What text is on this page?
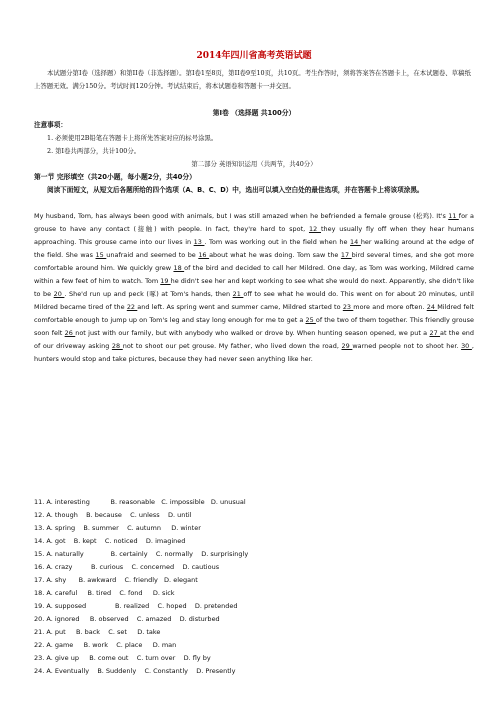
2014年四川省高考英语试题
本试题分第I卷（选择题）和第II卷（非选择题）。第I卷1至8页，第II卷9至10页，共10页。考生作答时，须将答案答在答题卡上，在本试题卷、草稿纸上答题无效。满分150分。考试时间120分钟。考试结束后，将本试题卷和答题卡一并交回。
第I卷 （选择题 共100分）
注意事项：
1. 必须使用2B铅笔在答题卡上将所先答案对应的标号涂黑。
2. 第I卷共两部分，共计100分。
第二部分 英语知识运用（共两节，共40分）
第一节 完形填空（共20小题，每小题2分，共40分）
阅读下面短文，从短文后各题所给的四个选项（A、B、C、D）中，选出可以填入空白处的最佳选项，并在答题卡上将该项涂黑。
My husband, Tom, has always been good with animals, but I was still amazed when he befriended a female grouse (松鸡). It's 11 for a grouse to have any contact (接触) with people. In fact, they're hard to spot, 12 they usually fly off when they hear humans approaching. This grouse came into our lives in 13 . Tom was working out in the field when he 14 her walking around at the edge of the field. She was 15 unafraid and seemed to be 16 about what he was doing. Tom saw the 17 bird several times, and she got more comfortable around him. We quickly grew 18 of the bird and decided to call her Mildred. One day, as Tom was working, Mildred came within a few feet of him to watch. Tom 19 he didn't see her and kept working to see what she would do next. Apparently, she didn't like to be 20 . She'd run up and peck (啄) at Tom's hands, then 21 off to see what he would do. This went on for about 20 minutes, until Mildred became tired of the 22 and left. As spring went and summer came, Mildred started to 23 more and more often. 24 Mildred felt comfortable enough to jump up on Tom's leg and stay long enough for me to get a 25 of the two of them together. This friendly grouse soon felt 26 not just with our family, but with anybody who walked or drove by. When hunting season opened, we put a 27 at the end of our driveway asking 28 not to shoot our pet grouse. My father, who lived down the road, 29 warned people not to shoot her. 30 , hunters would stop and take pictures, because they had never seen anything like her.
11. A. interesting          B. reasonable   C. impossible   D. unusual
12. A. though    B. because    C. unless    D. until
13. A. spring    B. summer    C. autumn     D. winter
14. A. got    B. kept    C. noticed    D. imagined
15. A. naturally             B. certainly    C. normally    D. surprisingly
16. A. crazy         B. curious    C. concerned    D. cautious
17. A. shy      B. awkward    C. friendly   D. elegant
18. A. careful     B. tired    C. fond     D. sick
19. A. supposed              B. realized    C. hoped    D. pretended
20. A. ignored     B. observed    C. amazed    D. disturbed
21. A. put     B. back    C. set     D. take
22. A. game     B. work    C. place     D. man
23. A. give up     B. come out    C. turn over    D. fly by
24. A. Eventually    B. Suddenly    C. Constantly    D. Presently
